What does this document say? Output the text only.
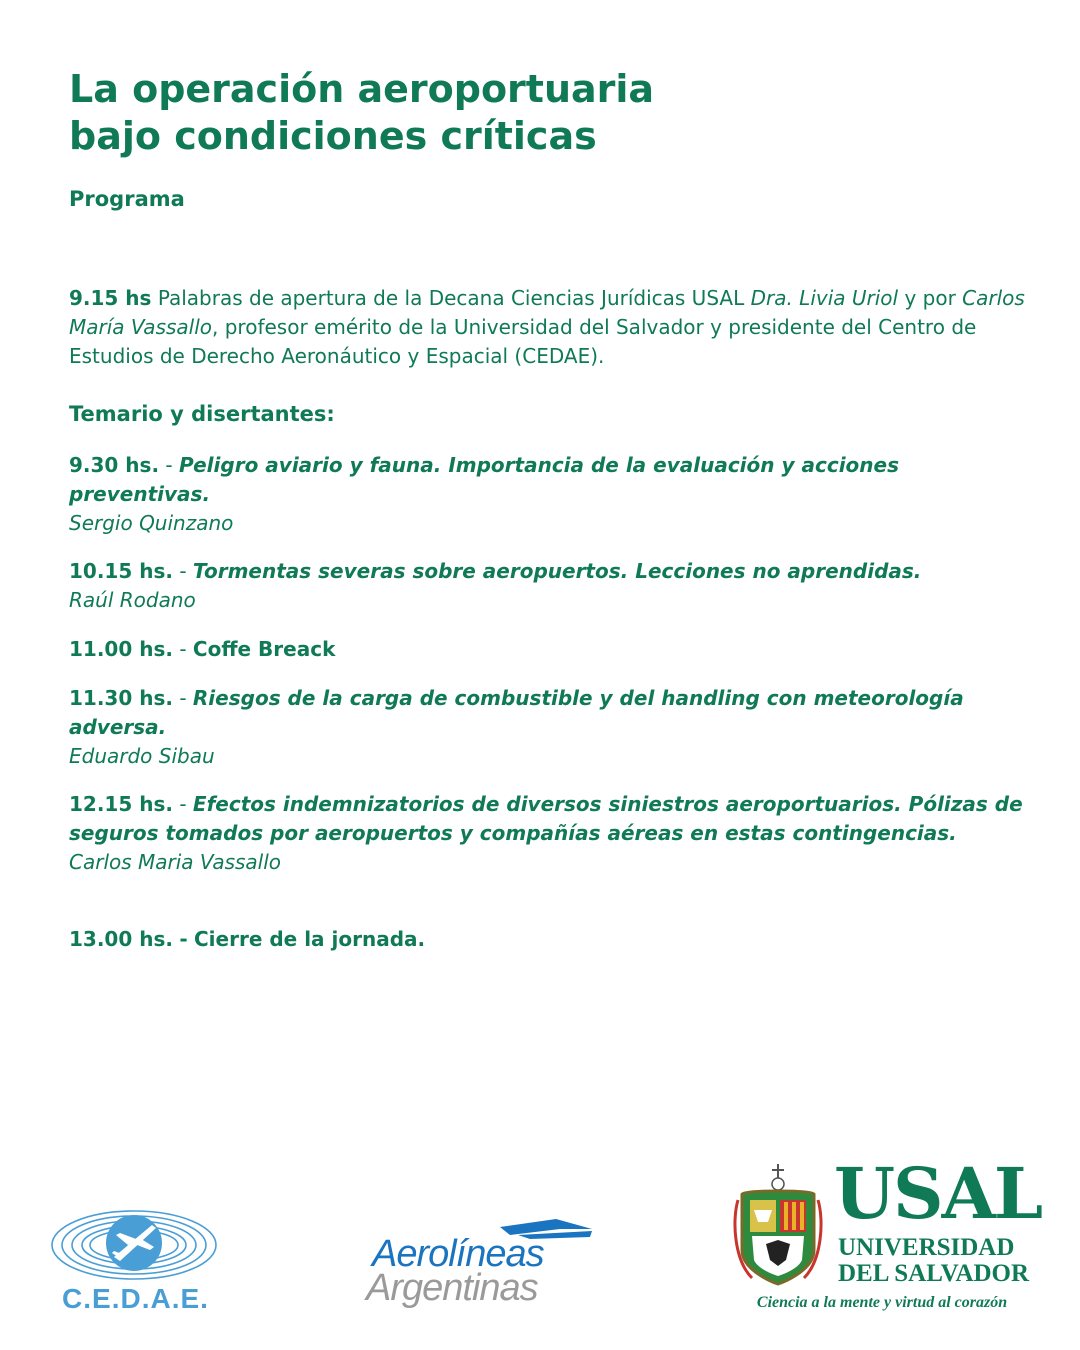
La operación aeroportuaria
bajo condiciones críticas
Programa

9.15 hs Palabras de apertura de la Decana Ciencias Jurídicas USAL Dra. Livia Uriol y por Carlos María Vassallo, profesor emérito de la Universidad del Salvador y presidente del Centro de Estudios de Derecho Aeronáutico y Espacial (CEDAE).

Temario y disertantes:
9.30 hs. - Peligro aviario y fauna. Importancia de la evaluación y acciones preventivas.
Sergio Quinzano
10.15 hs. - Tormentas severas sobre aeropuertos. Lecciones no aprendidas.
Raúl Rodano
11.00 hs. - Coffe Breack
11.30 hs. - Riesgos de la carga de combustible y del handling con meteorología adversa.
Eduardo Sibau
12.15 hs. - Efectos indemnizatorios de diversos siniestros aeroportuarios. Pólizas de seguros tomados por aeropuertos y compañías aéreas en estas contingencias.
Carlos Maria Vassallo
13.00 hs. - Cierre de la jornada.
C.E.D.A.E.
Aerolíneas
Argentinas
USAL
UNIVERSIDAD
DEL SALVADOR
Ciencia a la mente y virtud al corazón
